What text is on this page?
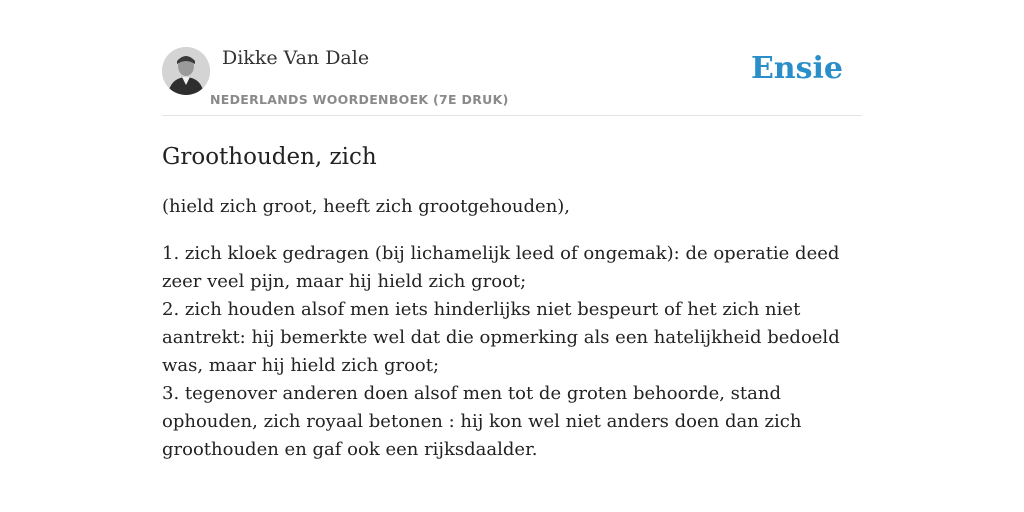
Dikke Van Dale
NEDERLANDS WOORDENBOEK (7E DRUK)
Ensie
Groothouden, zich

(hield zich groot, heeft zich grootgehouden),

1. zich kloek gedragen (bij lichamelijk leed of ongemak): de operatie deed zeer veel pijn, maar hij hield zich groot;
2. zich houden alsof men iets hinderlijks niet bespeurt of het zich niet aantrekt: hij bemerkte wel dat die opmerking als een hatelijkheid bedoeld was, maar hij hield zich groot;
3. tegenover anderen doen alsof men tot de groten behoorde, stand ophouden, zich royaal betonen : hij kon wel niet anders doen dan zich groothouden en gaf ook een rijksdaalder.
